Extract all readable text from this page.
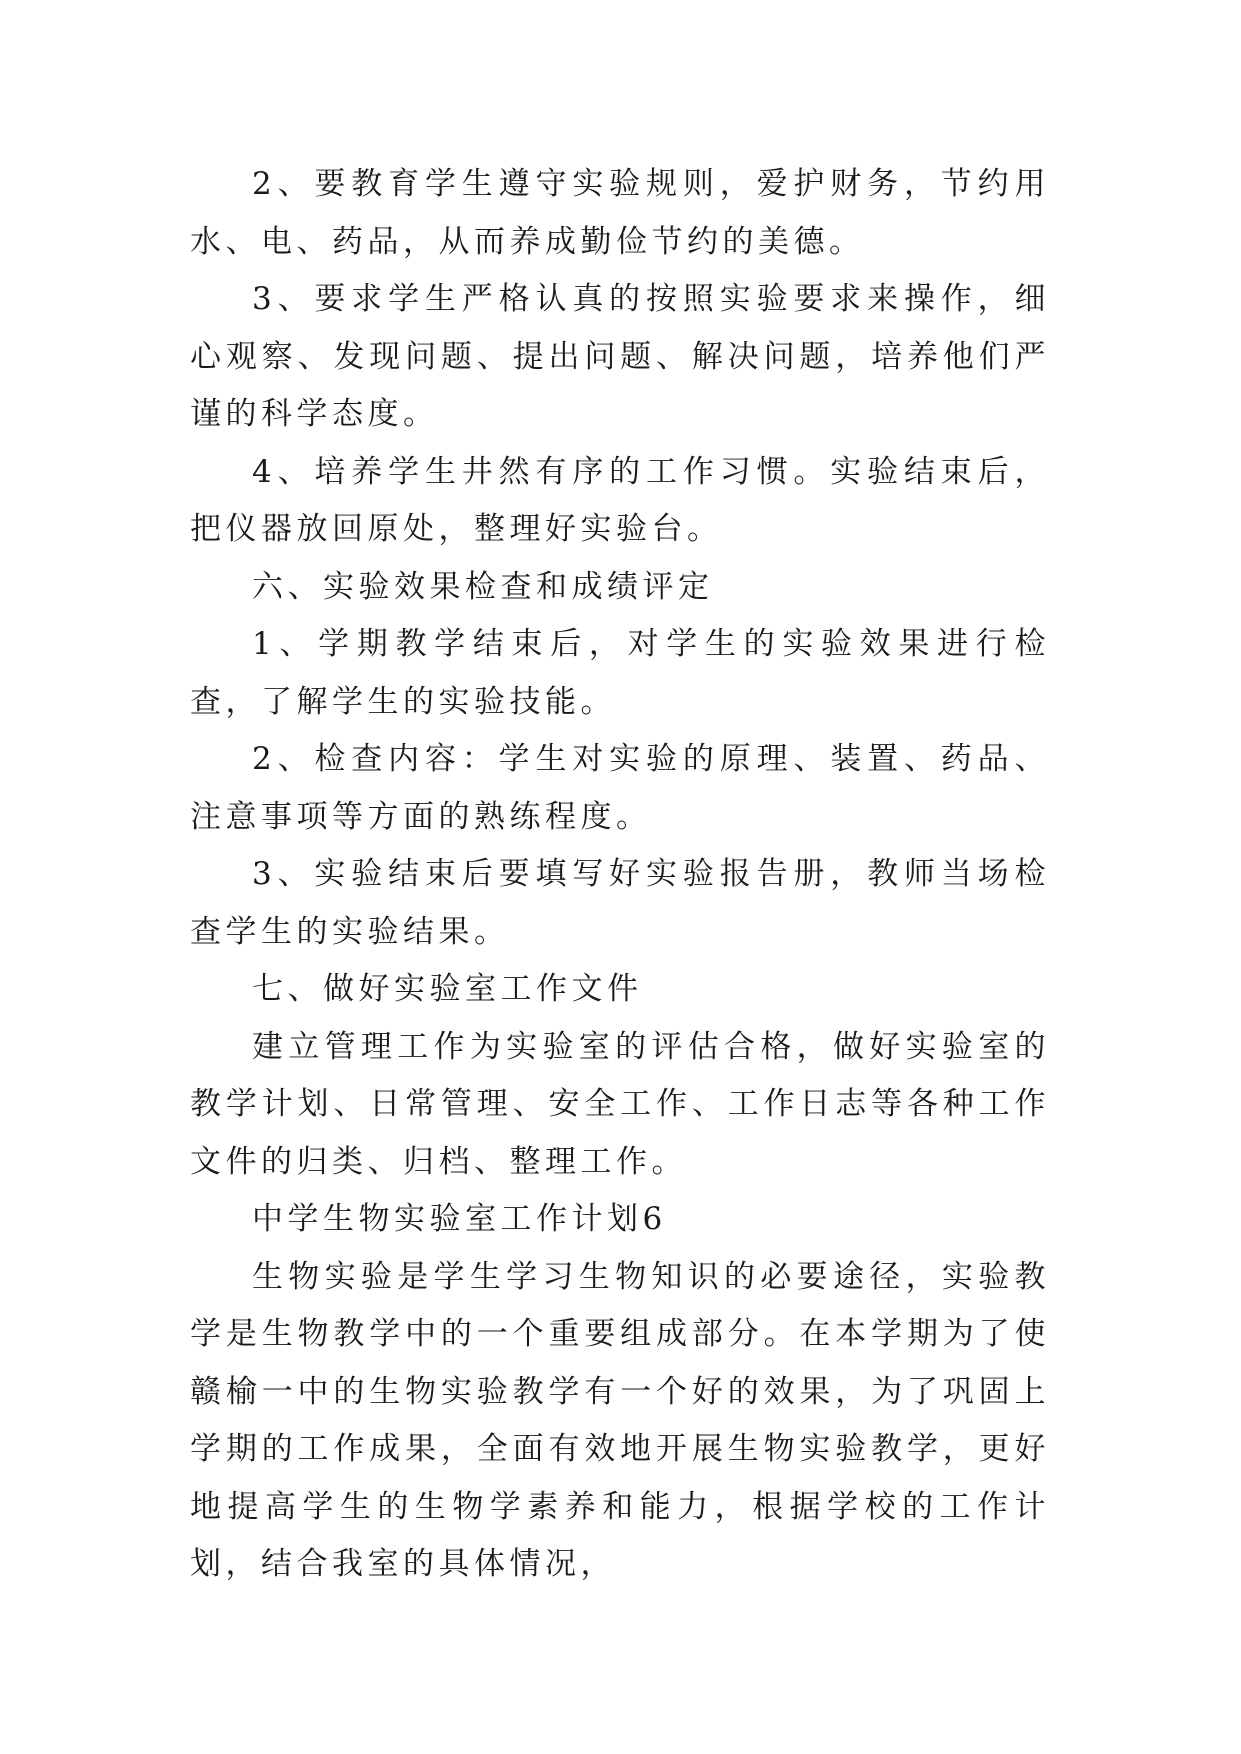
2、要教育学生遵守实验规则，爱护财务，节约用水、电、药品，从而养成勤俭节约的美德。

3、要求学生严格认真的按照实验要求来操作，细心观察、发现问题、提出问题、解决问题，培养他们严谨的科学态度。

4、培养学生井然有序的工作习惯。实验结束后，把仪器放回原处，整理好实验台。

六、实验效果检查和成绩评定

1、学期教学结束后，对学生的实验效果进行检查，了解学生的实验技能。

2、检查内容：学生对实验的原理、装置、药品、注意事项等方面的熟练程度。

3、实验结束后要填写好实验报告册，教师当场检查学生的实验结果。

七、做好实验室工作文件

建立管理工作为实验室的评估合格，做好实验室的教学计划、日常管理、安全工作、工作日志等各种工作文件的归类、归档、整理工作。

中学生物实验室工作计划6

生物实验是学生学习生物知识的必要途径，实验教学是生物教学中的一个重要组成部分。在本学期为了使赣榆一中的生物实验教学有一个好的效果，为了巩固上学期的工作成果，全面有效地开展生物实验教学，更好地提高学生的生物学素养和能力，根据学校的工作计划，结合我室的具体情况，
